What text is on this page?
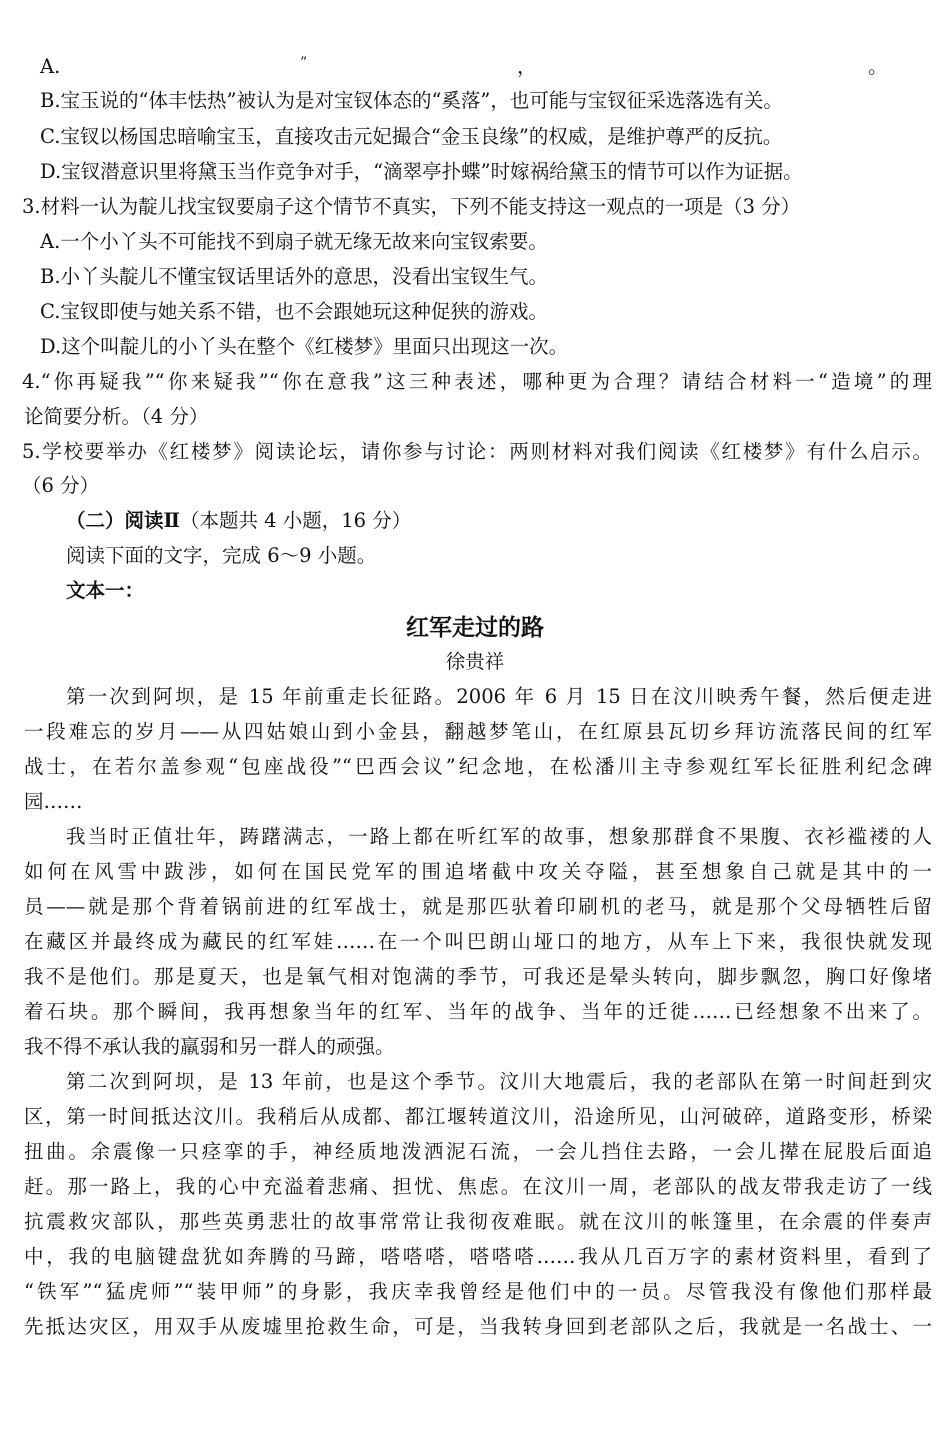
A.	”	，	。
B.宝玉说的“体丰怯热”被认为是对宝钗体态的“奚落”，也可能与宝钗征采选落选有关。
C.宝钗以杨国忠暗喻宝玉，直接攻击元妃撮合“金玉良缘”的权威，是维护尊严的反抗。
D.宝钗潜意识里将黛玉当作竞争对手，“滴翠亭扑蝶”时嫁祸给黛玉的情节可以作为证据。
3.材料一认为靛儿找宝钗要扇子这个情节不真实，下列不能支持这一观点的一项是（3 分）
A.一个小丫头不可能找不到扇子就无缘无故来向宝钗索要。
B.小丫头靛儿不懂宝钗话里话外的意思，没看出宝钗生气。
C.宝钗即使与她关系不错，也不会跟她玩这种促狭的游戏。
D.这个叫靛儿的小丫头在整个《红楼梦》里面只出现这一次。
4.“你再疑我”“你来疑我”“你在意我”这三种表述，哪种更为合理？请结合材料一“造境”的理
论简要分析。（4 分）
5.学校要举办《红楼梦》阅读论坛，请你参与讨论：两则材料对我们阅读《红楼梦》有什么启示。
（6 分）
（二）阅读Ⅱ（本题共 4 小题，16 分）
阅读下面的文字，完成 6～9 小题。
文本一：
红军走过的路
徐贵祥
第一次到阿坝，是 15 年前重走长征路。2006 年 6 月 15 日在汶川映秀午餐，然后便走进
一段难忘的岁月——从四姑娘山到小金县，翻越梦笔山，在红原县瓦切乡拜访流落民间的红军
战士，在若尔盖参观“包座战役”“巴西会议”纪念地，在松潘川主寺参观红军长征胜利纪念碑
园……
我当时正值壮年，踌躇满志，一路上都在听红军的故事，想象那群食不果腹、衣衫褴褛的人
如何在风雪中跋涉，如何在国民党军的围追堵截中攻关夺隘，甚至想象自己就是其中的一
员——就是那个背着锅前进的红军战士，就是那匹驮着印刷机的老马，就是那个父母牺牲后留
在藏区并最终成为藏民的红军娃……在一个叫巴朗山垭口的地方，从车上下来，我很快就发现
我不是他们。那是夏天，也是氧气相对饱满的季节，可我还是晕头转向，脚步飘忽，胸口好像堵
着石块。那个瞬间，我再想象当年的红军、当年的战争、当年的迁徙……已经想象不出来了。
我不得不承认我的羸弱和另一群人的顽强。
第二次到阿坝，是 13 年前，也是这个季节。汶川大地震后，我的老部队在第一时间赶到灾
区，第一时间抵达汶川。我稍后从成都、都江堰转道汶川，沿途所见，山河破碎，道路变形，桥梁
扭曲。余震像一只痉挛的手，神经质地泼洒泥石流，一会儿挡住去路，一会儿撵在屁股后面追
赶。那一路上，我的心中充溢着悲痛、担忧、焦虑。在汶川一周，老部队的战友带我走访了一线
抗震救灾部队，那些英勇悲壮的故事常常让我彻夜难眠。就在汶川的帐篷里，在余震的伴奏声
中，我的电脑键盘犹如奔腾的马蹄，嗒嗒嗒，嗒嗒嗒……我从几百万字的素材资料里，看到了
“铁军”“猛虎师”“装甲师”的身影，我庆幸我曾经是他们中的一员。尽管我没有像他们那样最
先抵达灾区，用双手从废墟里抢救生命，可是，当我转身回到老部队之后，我就是一名战士、一
